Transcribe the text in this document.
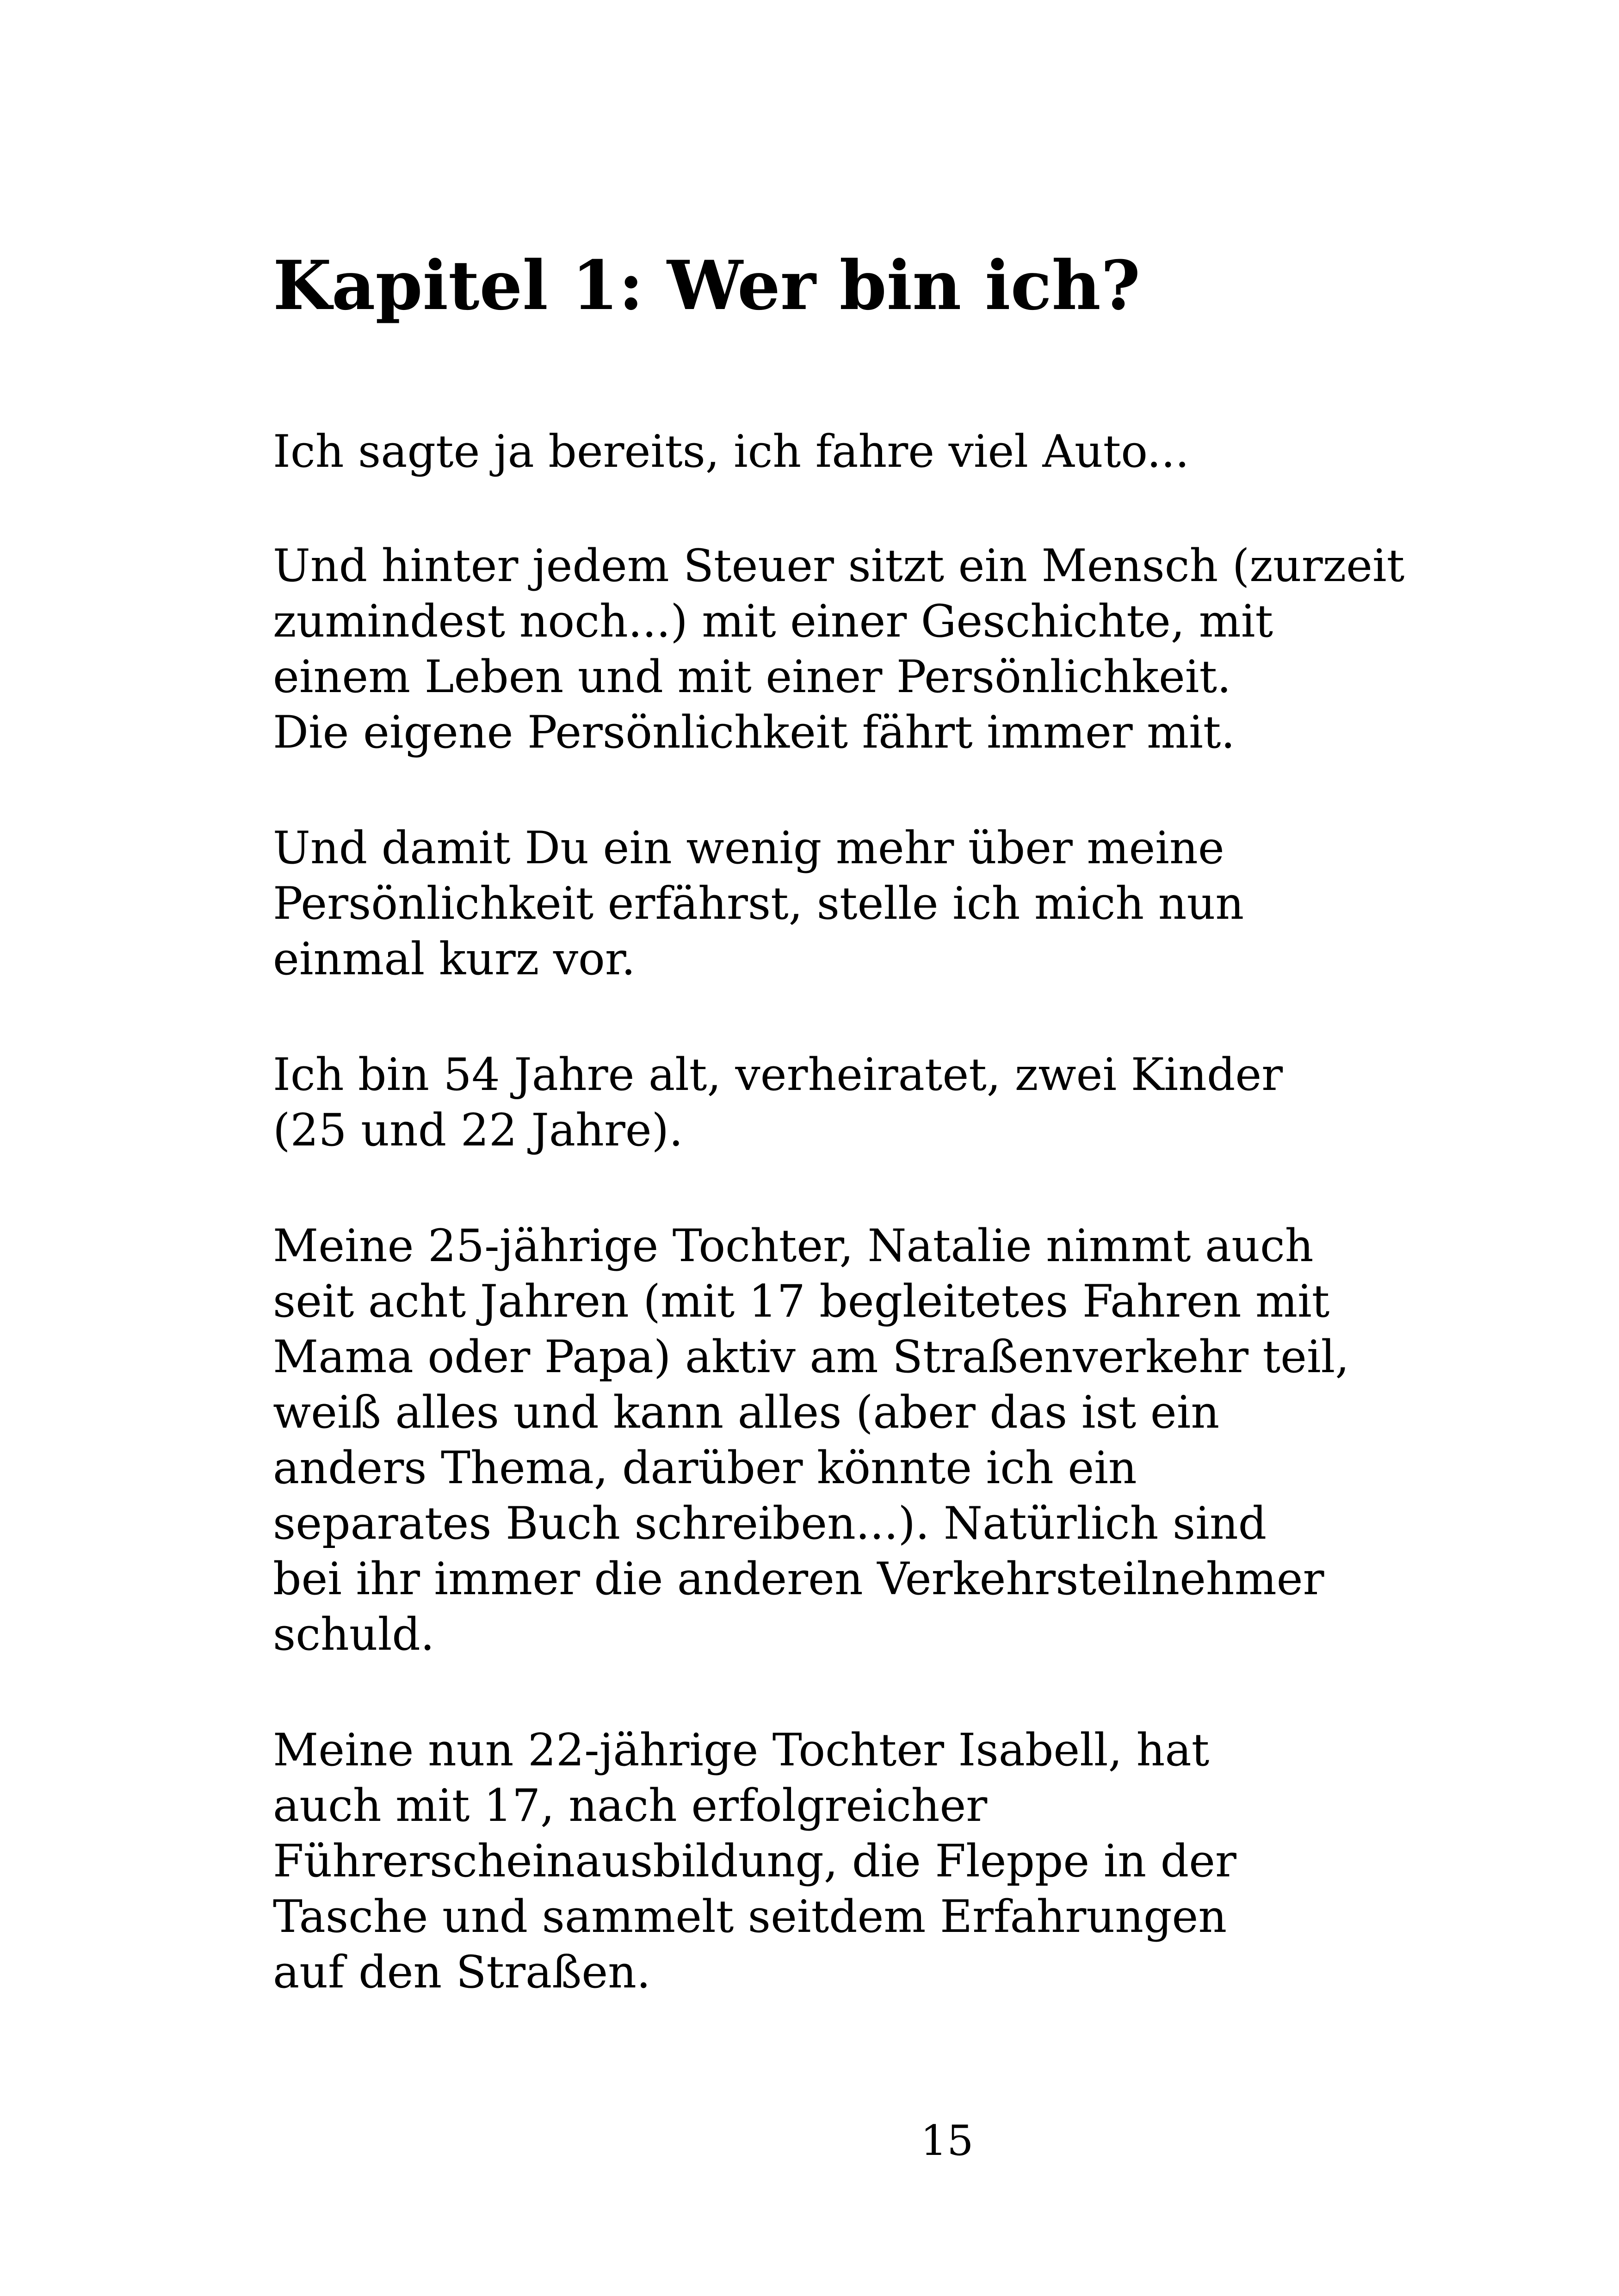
Kapitel 1: Wer bin ich?

Ich sagte ja bereits, ich fahre viel Auto...

Und hinter jedem Steuer sitzt ein Mensch (zurzeit

zumindest noch...) mit einer Geschichte, mit

einem Leben und mit einer Persönlichkeit.

Die eigene Persönlichkeit fährt immer mit.

Und damit Du ein wenig mehr über meine

Persönlichkeit erfährst, stelle ich mich nun

einmal kurz vor.

Ich bin 54 Jahre alt, verheiratet, zwei Kinder

(25 und 22 Jahre).

Meine 25-jährige Tochter, Natalie nimmt auch

seit acht Jahren (mit 17 begleitetes Fahren mit

Mama oder Papa) aktiv am Straßenverkehr teil,

weiß alles und kann alles (aber das ist ein

anders Thema, darüber könnte ich ein

separates Buch schreiben...). Natürlich sind

bei ihr immer die anderen Verkehrsteilnehmer

schuld.

Meine nun 22-jährige Tochter Isabell, hat

auch mit 17, nach erfolgreicher

Führerscheinausbildung, die Fleppe in der

Tasche und sammelt seitdem Erfahrungen

auf den Straßen.

15
